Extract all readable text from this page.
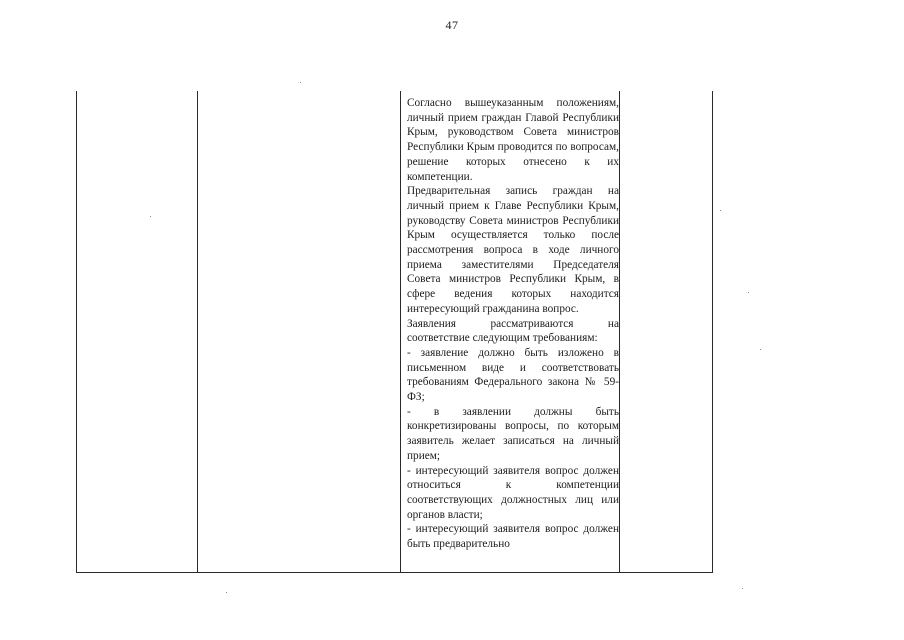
47

Согласно вышеуказанным положениям, личный прием граждан Главой Республики Крым, руководством Совета министров Республики Крым проводится по вопросам, решение которых отнесено к их компетенции.

Предварительная запись граждан на личный прием к Главе Республики Крым, руководству Совета министров Республики Крым осуществляется только после рассмотрения вопроса в ходе личного приема заместителями Председателя Совета министров Республики Крым, в сфере ведения которых находится интересующий гражданина вопрос.

Заявления рассматриваются на соответствие следующим требованиям:

- заявление должно быть изложено в письменном виде и соответствовать требованиям Федерального закона № 59-ФЗ;

- в заявлении должны быть конкретизированы вопросы, по которым заявитель желает записаться на личный прием;

- интересующий заявителя вопрос должен относиться к компетенции соответствующих должностных лиц или органов власти;

- интересующий заявителя вопрос должен быть предварительно
